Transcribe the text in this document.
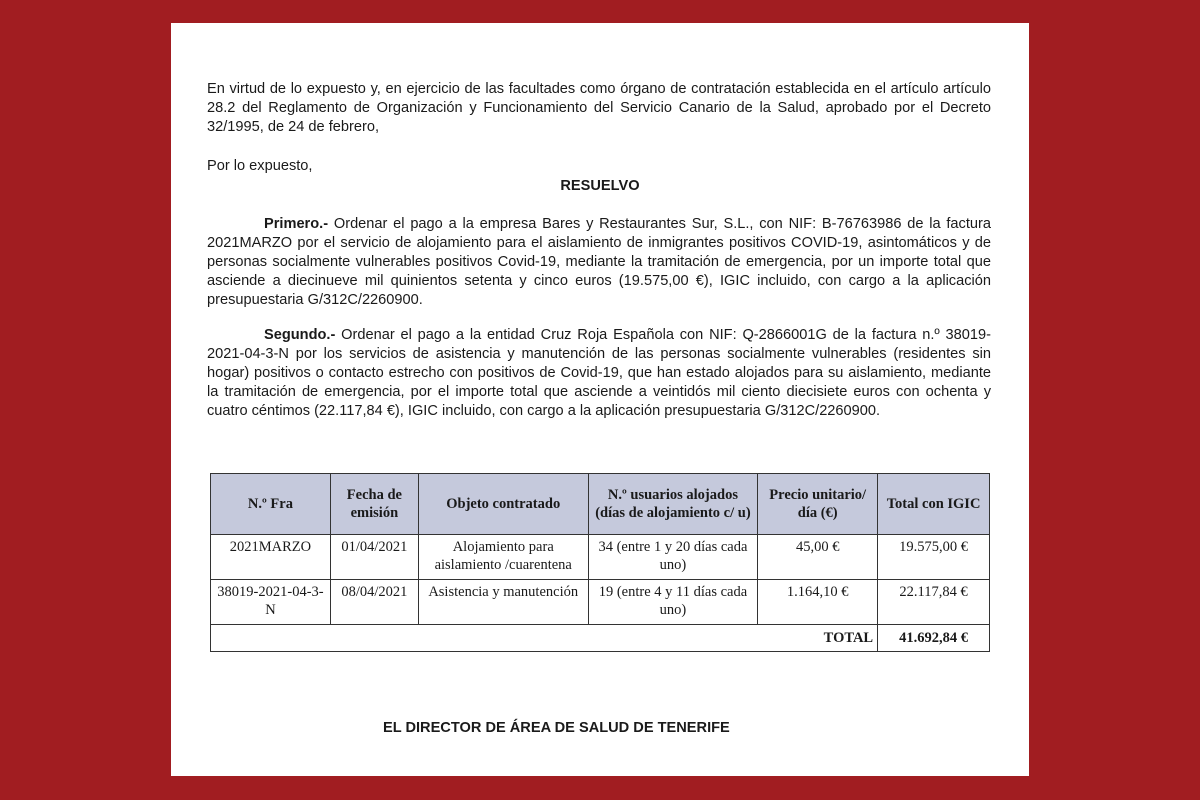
En virtud de lo expuesto y, en ejercicio de las facultades como órgano de contratación establecida en el artículo artículo 28.2 del Reglamento de Organización y Funcionamiento del Servicio Canario de la Salud, aprobado por el Decreto 32/1995, de 24 de febrero,
Por lo expuesto,
RESUELVO
Primero.- Ordenar el pago a la empresa Bares y Restaurantes Sur, S.L., con NIF: B-76763986 de la factura 2021MARZO por el servicio de alojamiento para el aislamiento de inmigrantes positivos COVID-19, asintomáticos y de personas socialmente vulnerables positivos Covid-19, mediante la tramitación de emergencia, por un importe total que asciende a diecinueve mil quinientos setenta y cinco euros (19.575,00 €), IGIC incluido, con cargo a la aplicación presupuestaria G/312C/2260900.
Segundo.- Ordenar el pago a la entidad Cruz Roja Española con NIF: Q-2866001G de la factura n.º 38019-2021-04-3-N por los servicios de asistencia y manutención de las personas socialmente vulnerables (residentes sin hogar) positivos o contacto estrecho con positivos de Covid-19, que han estado alojados para su aislamiento, mediante la tramitación de emergencia, por el importe total que asciende a veintidós mil ciento diecisiete euros con ochenta y cuatro céntimos (22.117,84 €), IGIC incluido, con cargo a la aplicación presupuestaria G/312C/2260900.
N.º Fra	Fecha de emisión	Objeto contratado	N.º usuarios alojados (días de alojamiento c/ u)	Precio unitario/ día (€)	Total con IGIC
2021MARZO	01/04/2021	Alojamiento para aislamiento /cuarentena	34 (entre 1 y 20 días cada uno)	45,00 €	19.575,00 €
38019-2021-04-3-N	08/04/2021	Asistencia y manutención	19 (entre 4 y 11 días cada uno)	1.164,10 €	22.117,84 €
				TOTAL	41.692,84 €
EL DIRECTOR DE ÁREA DE SALUD DE TENERIFE
